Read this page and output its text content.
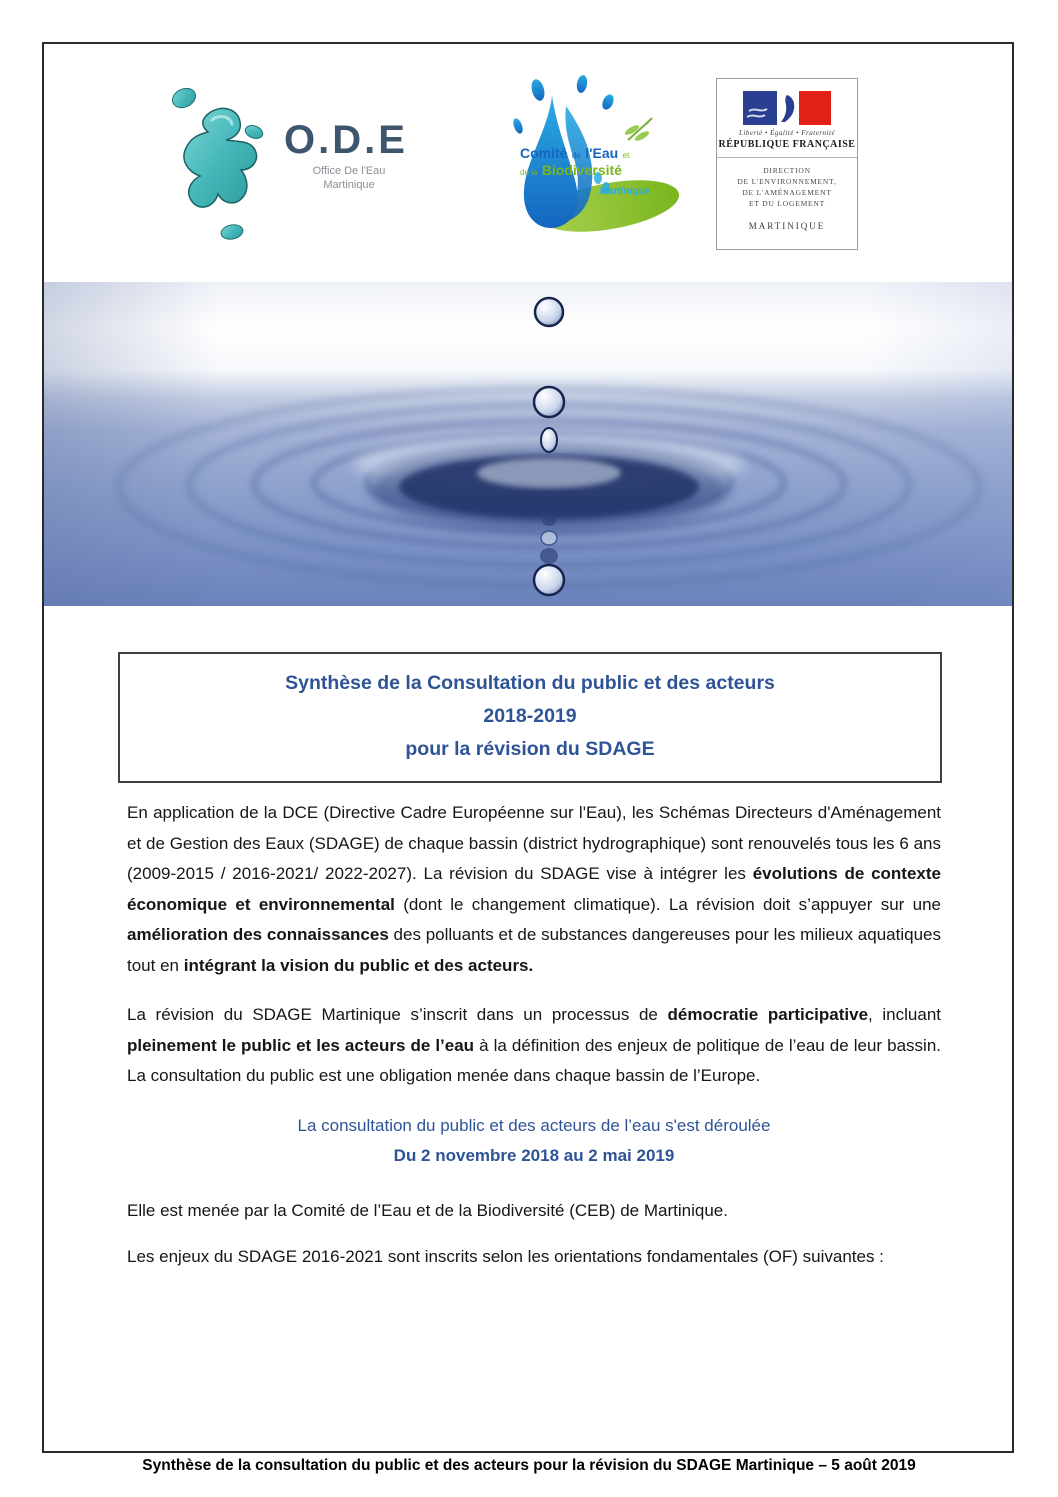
O.D.E
Office De l'Eau
Martinique
Comité de l'Eau et
de la Biodiversité
Martinique
Liberté • Égalité • Fraternité
RÉPUBLIQUE FRANÇAISE
DIRECTION
DE L'ENVIRONNEMENT,
DE L'AMÉNAGEMENT
ET DU LOGEMENT
MARTINIQUE
Synthèse de la Consultation du public et des acteurs
2018-2019
pour la révision du SDAGE

En application de la DCE (Directive Cadre Européenne sur l'Eau), les Schémas Directeurs d'Aménagement et de Gestion des Eaux (SDAGE) de chaque bassin (district hydrographique) sont renouvelés tous les 6 ans (2009-2015 / 2016-2021/ 2022-2027). La révision du SDAGE vise à intégrer les évolutions de contexte économique et environnemental (dont le changement climatique). La révision doit s’appuyer sur une amélioration des connaissances des polluants et de substances dangereuses pour les milieux aquatiques tout en intégrant la vision du public et des acteurs.

La révision du SDAGE Martinique s’inscrit dans un processus de démocratie participative, incluant pleinement le public et les acteurs de l’eau à la définition des enjeux de politique de l’eau de leur bassin. La consultation du public est une obligation menée dans chaque bassin de l’Europe.

La consultation du public et des acteurs de l’eau s'est déroulée

Du 2 novembre 2018 au 2 mai 2019

Elle est menée par la Comité de l’Eau et de la Biodiversité (CEB) de Martinique.

Les enjeux du SDAGE 2016-2021 sont inscrits selon les orientations fondamentales (OF) suivantes :

Synthèse de la consultation du public et des acteurs pour la révision du SDAGE Martinique – 5 août 2019
